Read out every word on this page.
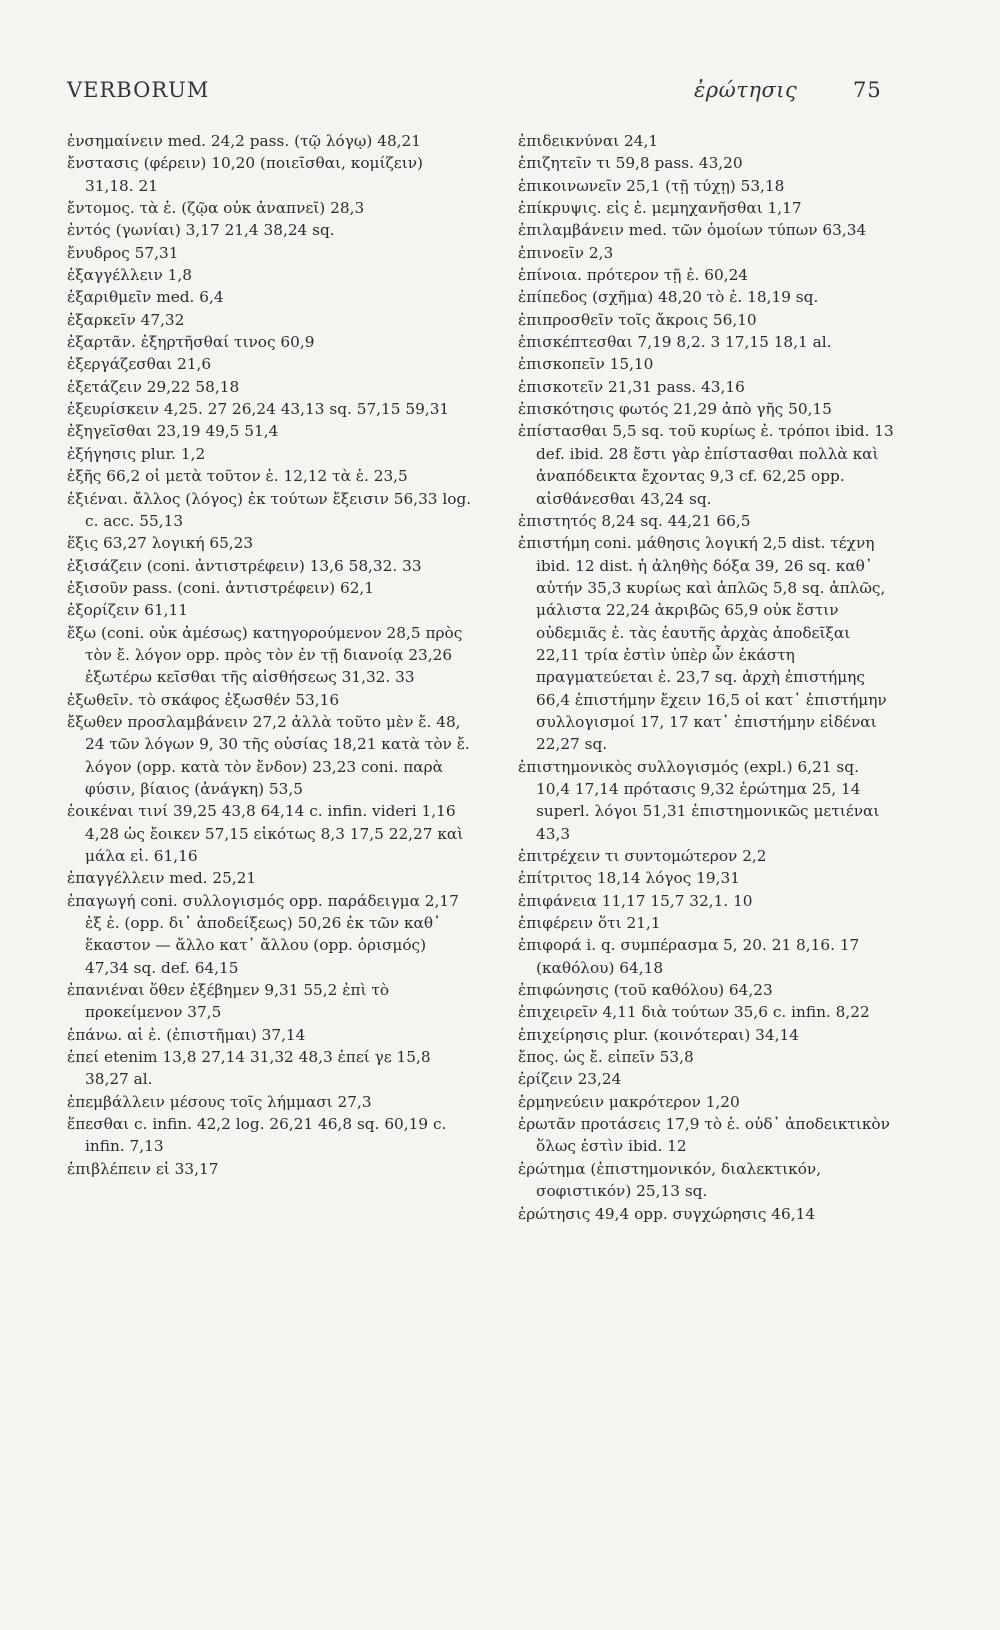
VERBORUM	ἐρώτησις	75

ἐνσημαίνειν med. 24,2 pass. (τῷ λόγῳ) 48,21

ἔνστασις (φέρειν) 10,20 (ποιεῖσθαι, κομίζειν) 31,18. 21

ἔντομος. τὰ ἐ. (ζῷα οὐκ ἀναπνεῖ) 28,3

ἐντός (γωνίαι) 3,17 21,4 38,24 sq.

ἔνυδρος 57,31

ἐξαγγέλλειν 1,8

ἐξαριθμεῖν med. 6,4

ἐξαρκεῖν 47,32

ἐξαρτᾶν. ἐξηρτῆσθαί τινος 60,9

ἐξεργάζεσθαι 21,6

ἐξετάζειν 29,22 58,18

ἐξευρίσκειν 4,25. 27 26,24 43,13 sq. 57,15 59,31

ἐξηγεῖσθαι 23,19 49,5 51,4

ἐξήγησις plur. 1,2

ἑξῆς 66,2 οἱ μετὰ τοῦτον ἑ. 12,12 τὰ ἑ. 23,5

ἐξιέναι. ἄλλος (λόγος) ἐκ τούτων ἔξεισιν 56,33 log. c. acc. 55,13

ἕξις 63,27 λογική 65,23

ἐξισάζειν (coni. ἀντιστρέφειν) 13,6 58,32. 33

ἐξισοῦν pass. (coni. ἀντιστρέφειν) 62,1

ἐξορίζειν 61,11

ἔξω (coni. οὐκ ἀμέσως) κατηγορούμενον 28,5 πρὸς τὸν ἔ. λόγον opp. πρὸς τὸν ἐν τῇ διανοίᾳ 23,26 ἐξωτέρω κεῖσθαι τῆς αἰσθήσεως 31,32. 33

ἐξωθεῖν. τὸ σκάφος ἐξωσθέν 53,16

ἔξωθεν προσλαμβάνειν 27,2 ἀλλὰ τοῦτο μὲν ἔ. 48, 24 τῶν λόγων 9, 30 τῆς οὐσίας 18,21 κατὰ τὸν ἔ. λόγον (opp. κατὰ τὸν ἔνδον) 23,23 coni. παρὰ φύσιν, βίαιος (ἀνάγκη) 53,5

ἐοικέναι τινί 39,25 43,8 64,14 c. infin. videri 1,16 4,28 ὡς ἔοικεν 57,15 εἰκότως 8,3 17,5 22,27 καὶ μάλα εἰ. 61,16

ἐπαγγέλλειν med. 25,21

ἐπαγωγή coni. συλλογισμός opp. παράδειγμα 2,17 ἐξ ἐ. (opp. δι᾽ ἀποδείξεως) 50,26 ἐκ τῶν καθ᾽ ἕκαστον — ἄλλο κατ᾽ ἄλλου (opp. ὁρισμός) 47,34 sq. def. 64,15

ἐπανιέναι ὅθεν ἐξέβημεν 9,31 55,2 ἐπὶ τὸ προκείμενον 37,5

ἐπάνω. αἱ ἐ. (ἐπιστῆμαι) 37,14

ἐπεί etenim 13,8 27,14 31,32 48,3 ἐπεί γε 15,8 38,27 al.

ἐπεμβάλλειν μέσους τοῖς λήμμασι 27,3

ἕπεσθαι c. infin. 42,2 log. 26,21 46,8 sq. 60,19 c. infin. 7,13

ἐπιβλέπειν εἰ 33,17

ἐπιδεικνύναι 24,1

ἐπιζητεῖν τι 59,8 pass. 43,20

ἐπικοινωνεῖν 25,1 (τῇ τύχῃ) 53,18

ἐπίκρυψις. εἰς ἐ. μεμηχανῆσθαι 1,17

ἐπιλαμβάνειν med. τῶν ὁμοίων τύπων 63,34

ἐπινοεῖν 2,3

ἐπίνοια. πρότερον τῇ ἐ. 60,24

ἐπίπεδος (σχῆμα) 48,20 τὸ ἐ. 18,19 sq.

ἐπιπροσθεῖν τοῖς ἄκροις 56,10

ἐπισκέπτεσθαι 7,19 8,2. 3 17,15 18,1 al.

ἐπισκοπεῖν 15,10

ἐπισκοτεῖν 21,31 pass. 43,16

ἐπισκότησις φωτός 21,29 ἀπὸ γῆς 50,15

ἐπίστασθαι 5,5 sq. τοῦ κυρίως ἐ. τρόποι ibid. 13 def. ibid. 28 ἔστι γὰρ ἐπίστασθαι πολλὰ καὶ ἀναπόδεικτα ἔχοντας 9,3 cf. 62,25 opp. αἰσθάνεσθαι 43,24 sq.

ἐπιστητός 8,24 sq. 44,21 66,5

ἐπιστήμη coni. μάθησις λογική 2,5 dist. τέχνη ibid. 12 dist. ἡ ἀληθὴς δόξα 39, 26 sq. καθ᾽ αὑτήν 35,3 κυρίως καὶ ἁπλῶς 5,8 sq. ἁπλῶς, μάλιστα 22,24 ἀκριβῶς 65,9 οὐκ ἔστιν οὐδεμιᾶς ἐ. τὰς ἑαυτῆς ἀρχὰς ἀποδεῖξαι 22,11 τρία ἐστὶν ὑπὲρ ὧν ἑκάστη πραγματεύεται ἐ. 23,7 sq. ἀρχὴ ἐπιστήμης 66,4 ἐπιστήμην ἔχειν 16,5 οἱ κατ᾽ ἐπιστήμην συλλογισμοί 17, 17 κατ᾽ ἐπιστήμην εἰδέναι 22,27 sq.

ἐπιστημονικὸς συλλογισμός (expl.) 6,21 sq. 10,4 17,14 πρότασις 9,32 ἐρώτημα 25, 14 superl. λόγοι 51,31 ἐπιστημονικῶς μετιέναι 43,3

ἐπιτρέχειν τι συντομώτερον 2,2

ἐπίτριτος 18,14 λόγος 19,31

ἐπιφάνεια 11,17 15,7 32,1. 10

ἐπιφέρειν ὅτι 21,1

ἐπιφορά i. q. συμπέρασμα 5, 20. 21 8,16. 17 (καθόλου) 64,18

ἐπιφώνησις (τοῦ καθόλου) 64,23

ἐπιχειρεῖν 4,11 διὰ τούτων 35,6 c. infin. 8,22

ἐπιχείρησις plur. (κοινότεραι) 34,14

ἔπος. ὡς ἔ. εἰπεῖν 53,8

ἐρίζειν 23,24

ἑρμηνεύειν μακρότερον 1,20

ἐρωτᾶν προτάσεις 17,9 τὸ ἐ. οὐδ᾽ ἀποδεικτικὸν ὅλως ἐστὶν ibid. 12

ἐρώτημα (ἐπιστημονικόν, διαλεκτικόν, σοφιστικόν) 25,13 sq.

ἐρώτησις 49,4 opp. συγχώρησις 46,14
